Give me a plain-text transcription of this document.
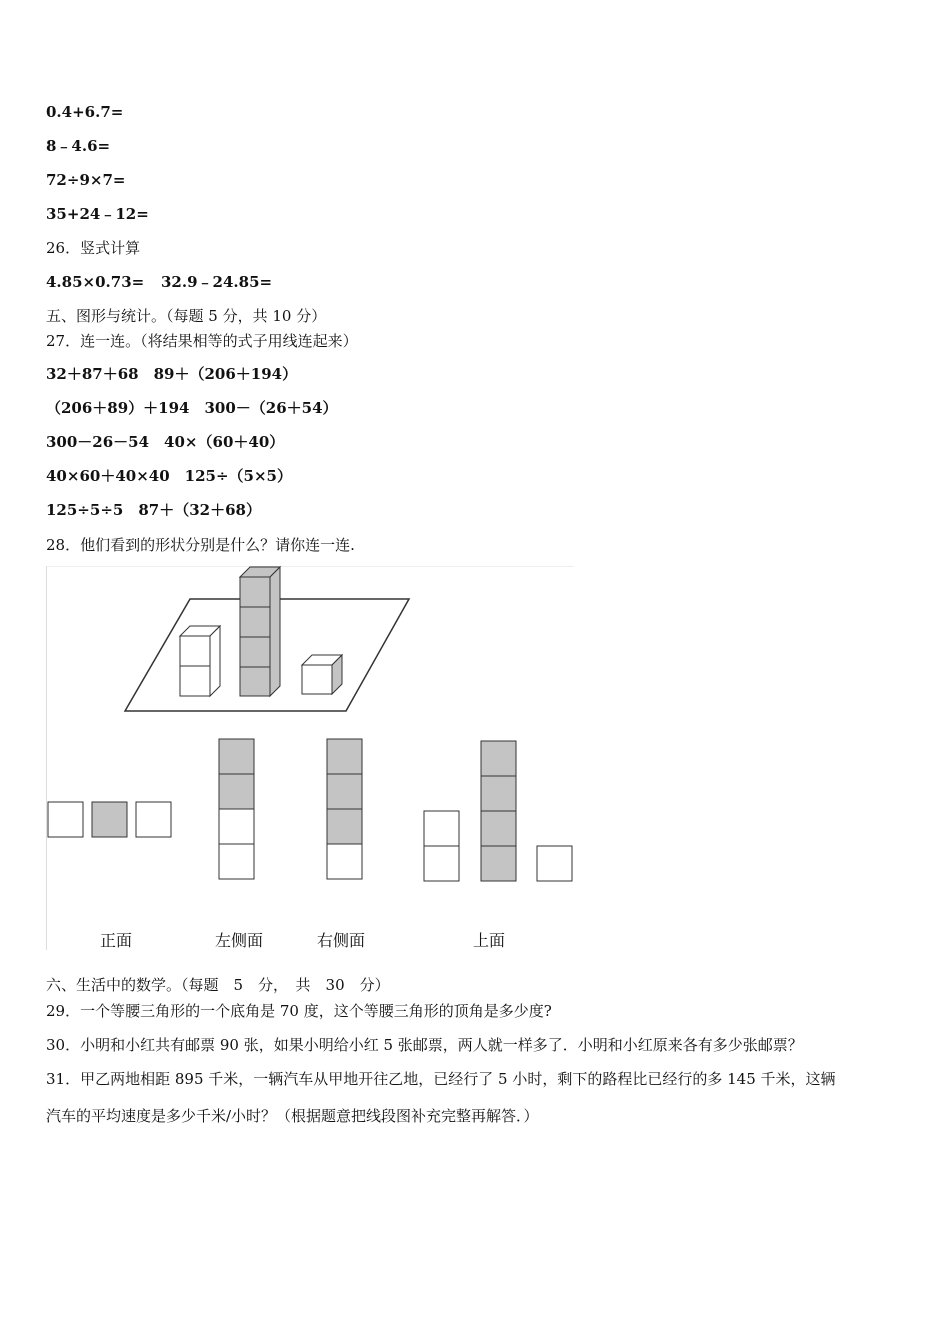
0.4+6.7=
8﹣4.6=
72÷9×7=
35+24﹣12=
26．竖式计算
4.85×0.73= 32.9﹣24.85=
五、图形与统计。（每题 5 分，共 10 分）
27．连一连。（将结果相等的式子用线连起来）
32＋87＋68　89＋（206＋194）
（206＋89）＋194　300－（26＋54）
300－26－54　40×（60＋40）
40×60＋40×40　125÷（5×5）
125÷5÷5　87＋（32＋68）
28．他们看到的形状分别是什么？请你连一连.
正面	左侧面	右侧面	上面
六、生活中的数学。（每题　5　分，　共　30　分）
29．一个等腰三角形的一个底角是 70 度，这个等腰三角形的顶角是多少度?
30．小明和小红共有邮票 90 张，如果小明给小红 5 张邮票，两人就一样多了．小明和小红原来各有多少张邮票？
31．甲乙两地相距 895 千米，一辆汽车从甲地开往乙地，已经行了 5 小时，剩下的路程比已经行的多 145 千米，这辆
汽车的平均速度是多少千米/小时？（根据题意把线段图补充完整再解答．）
